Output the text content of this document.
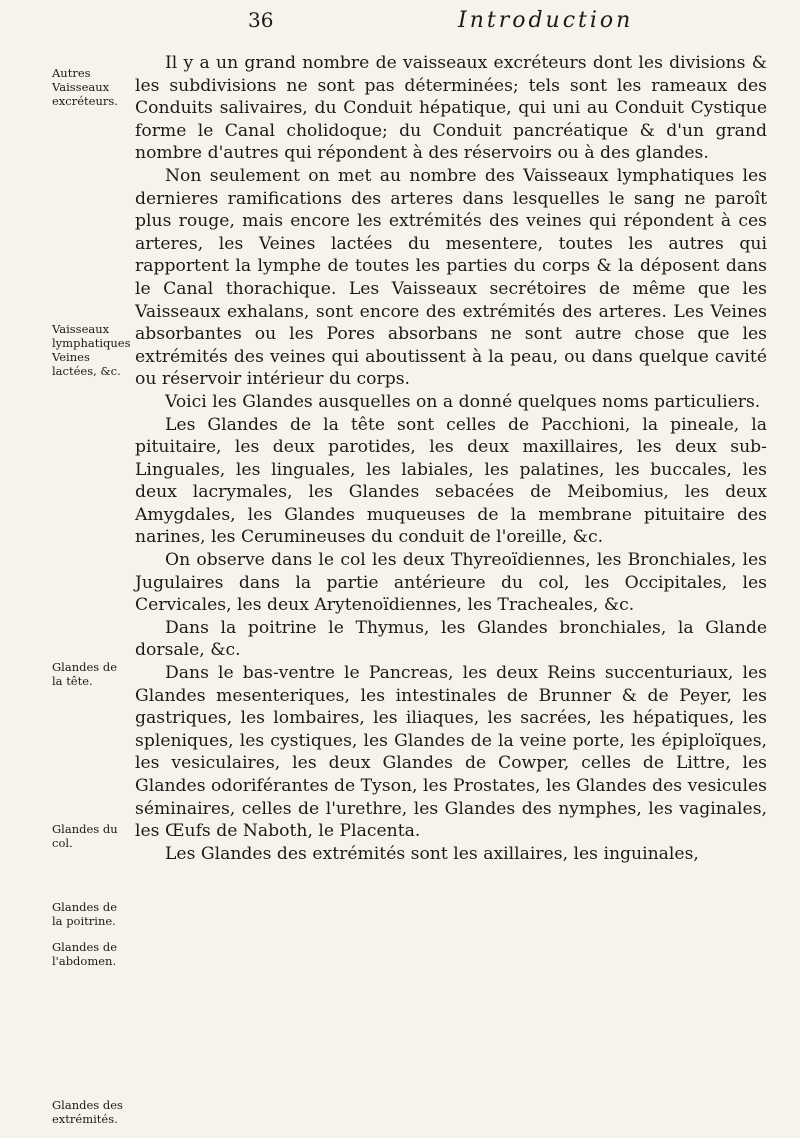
36	Introduction
Autres Vaisseaux excréteurs.
Vaisseaux lymphatiques Veines lactées, &c.
Glandes de la tête.
Glandes du col.
Glandes de la poitrine.
Glandes de l'abdomen.
Glandes des extrémités.

Il y a un grand nombre de vaisseaux excréteurs dont les divisions & les subdivisions ne sont pas déterminées; tels sont les rameaux des Conduits salivaires, du Conduit hépatique, qui uni au Conduit Cystique forme le Canal cholidoque; du Conduit pancréatique & d'un grand nombre d'autres qui répondent à des réservoirs ou à des glandes.

Non seulement on met au nombre des Vaisseaux lymphatiques les dernieres ramifications des arteres dans lesquelles le sang ne paroît plus rouge, mais encore les extrémités des veines qui répondent à ces arteres, les Veines lactées du mesentere, toutes les autres qui rapportent la lymphe de toutes les parties du corps & la déposent dans le Canal thorachique. Les Vaisseaux secrétoires de même que les Vaisseaux exhalans, sont encore des extrémités des arteres. Les Veines absorbantes ou les Pores absorbans ne sont autre chose que les extrémités des veines qui aboutissent à la peau, ou dans quelque cavité ou réservoir intérieur du corps.

Voici les Glandes ausquelles on a donné quelques noms particuliers.

Les Glandes de la tête sont celles de Pacchioni, la pineale, la pituitaire, les deux parotides, les deux maxillaires, les deux sub-Linguales, les linguales, les labiales, les palatines, les buccales, les deux lacrymales, les Glandes sebacées de Meibomius, les deux Amygdales, les Glandes muqueuses de la membrane pituitaire des narines, les Cerumineuses du conduit de l'oreille, &c.

On observe dans le col les deux Thyreoïdiennes, les Bronchiales, les Jugulaires dans la partie antérieure du col, les Occipitales, les Cervicales, les deux Arytenoïdiennes, les Tracheales, &c.

Dans la poitrine le Thymus, les Glandes bronchiales, la Glande dorsale, &c.

Dans le bas-ventre le Pancreas, les deux Reins succenturiaux, les Glandes mesenteriques, les intestinales de Brunner & de Peyer, les gastriques, les lombaires, les iliaques, les sacrées, les hépatiques, les spleniques, les cystiques, les Glandes de la veine porte, les épiploïques, les vesiculaires, les deux Glandes de Cowper, celles de Littre, les Glandes odoriférantes de Tyson, les Prostates, les Glandes des vesicules séminaires, celles de l'urethre, les Glandes des nymphes, les vaginales, les Œufs de Naboth, le Placenta.

Les Glandes des extrémités sont les axillaires, les inguinales,
